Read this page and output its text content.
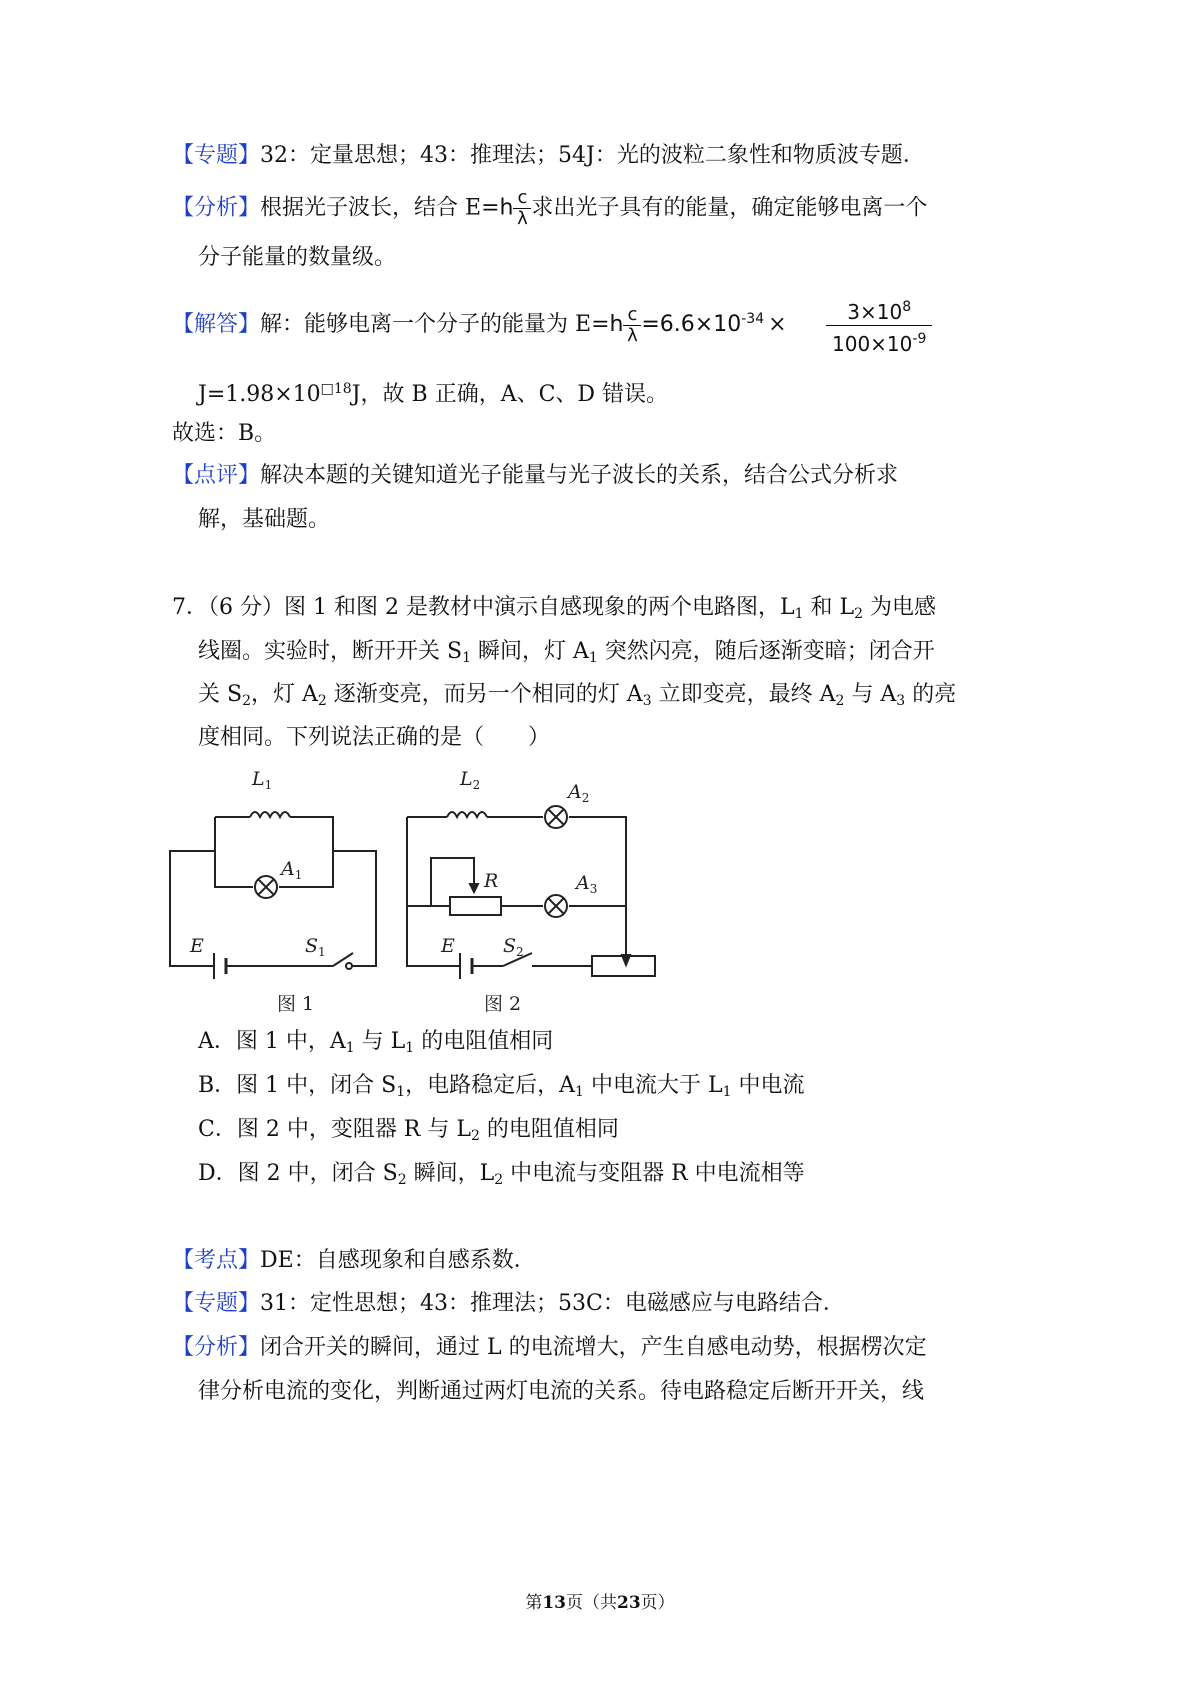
【专题】32：定量思想；43：推理法；54J：光的波粒二象性和物质波专题．
【分析】根据光子波长，结合 $E=h \frac{c}{\lambda}$ 求出光子具有的能量，确定能够电离一个
分子能量的数量级。
【解答】解：能够电离一个分子的能量为 $E=h \frac{c}{\lambda} =6.6\times 10^{-34} \times \frac{3\times 10^8}{100\times 10^{-9}}$
$J=1.98\times 10^{□18}J$，故 B 正确，A、C、D 错误。
故选：B。
【点评】解决本题的关键知道光子能量与光子波长的关系，结合公式分析求
解，基础题。
7．（6 分）图 1 和图 2 是教材中演示自感现象的两个电路图，$L_1$ 和 $L_2$ 为电感
线圈。实验时，断开开关 $S_1$ 瞬间，灯 $A_1$ 突然闪亮，随后逐渐变暗；闭合开
关 $S_2$，灯 $A_2$ 逐渐变亮，而另一个相同的灯 $A_3$ 立即变亮，最终 $A_2$ 与 $A_3$ 的亮
度相同。下列说法正确的是（　　）
$L_1$
$A_1$
E	$S_1$
$L_2$	$A_2$
R	$A_3$
E	$S_2$
图 1	图 2
A．图 1 中，$A_1$ 与 $L_1$ 的电阻值相同
B．图 1 中，闭合 $S_1$，电路稳定后，$A_1$ 中电流大于 $L_1$ 中电流
C．图 2 中，变阻器 R 与 $L_2$ 的电阻值相同
D．图 2 中，闭合 $S_2$ 瞬间，$L_2$ 中电流与变阻器 R 中电流相等
【考点】DE：自感现象和自感系数．
【专题】31：定性思想；43：推理法；53C：电磁感应与电路结合．
【分析】闭合开关的瞬间，通过 L 的电流增大，产生自感电动势，根据楞次定
律分析电流的变化，判断通过两灯电流的关系。待电路稳定后断开开关，线
第13页（共23页）
